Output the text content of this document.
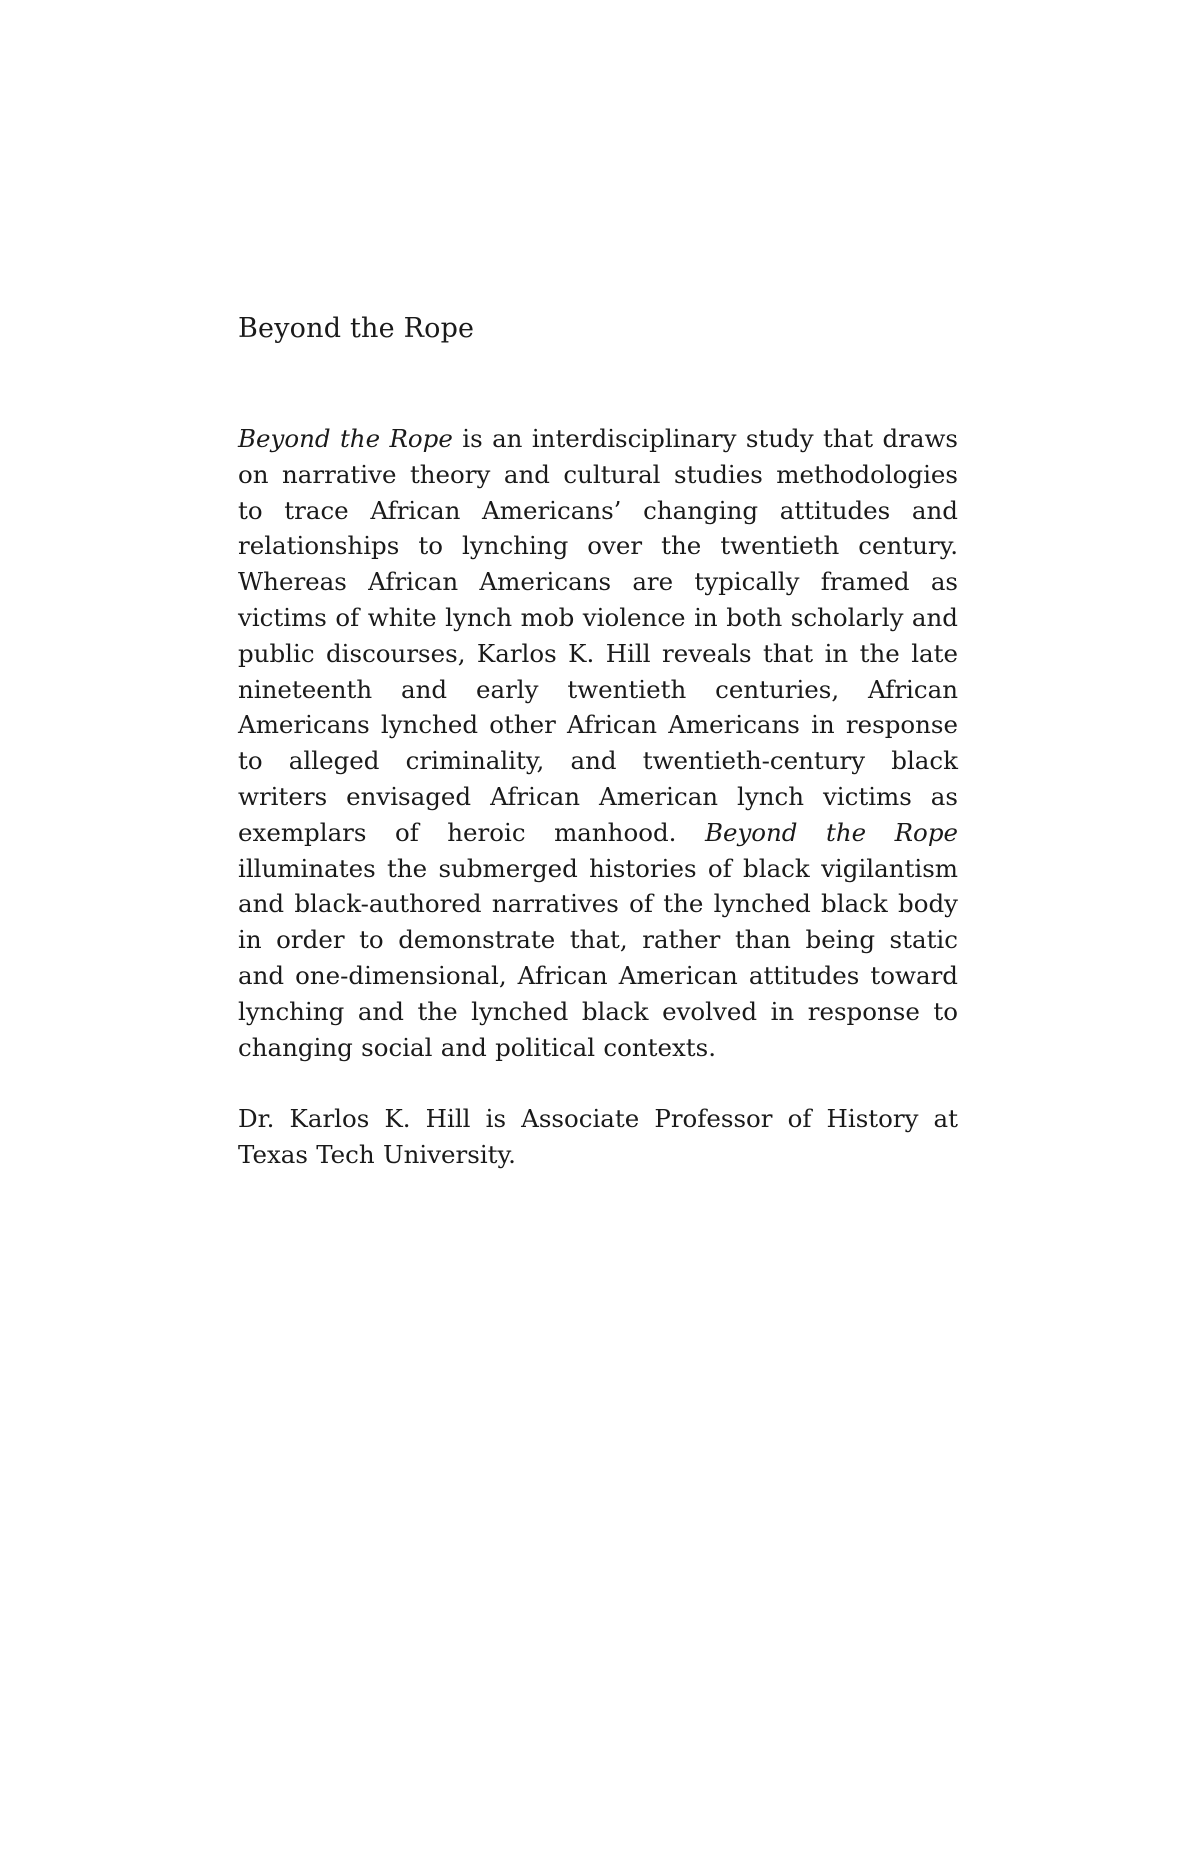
Beyond the Rope

Beyond the Rope is an interdisciplinary study that draws on narrative theory and cultural studies methodologies to trace African Americans’ changing attitudes and relationships to lynching over the twentieth century. Whereas African Americans are typically framed as victims of white lynch mob violence in both scholarly and public discourses, Karlos K. Hill reveals that in the late nineteenth and early twentieth centuries, African Americans lynched other African Americans in response to alleged criminality, and twentieth-century black writers envisaged African American lynch victims as exemplars of heroic manhood. Beyond the Rope illuminates the submerged histories of black vigilantism and black-authored narratives of the lynched black body in order to demonstrate that, rather than being static and one-dimensional, African American attitudes toward lynching and the lynched black evolved in response to changing social and political contexts.

Dr. Karlos K. Hill is Associate Professor of History at Texas Tech University.
